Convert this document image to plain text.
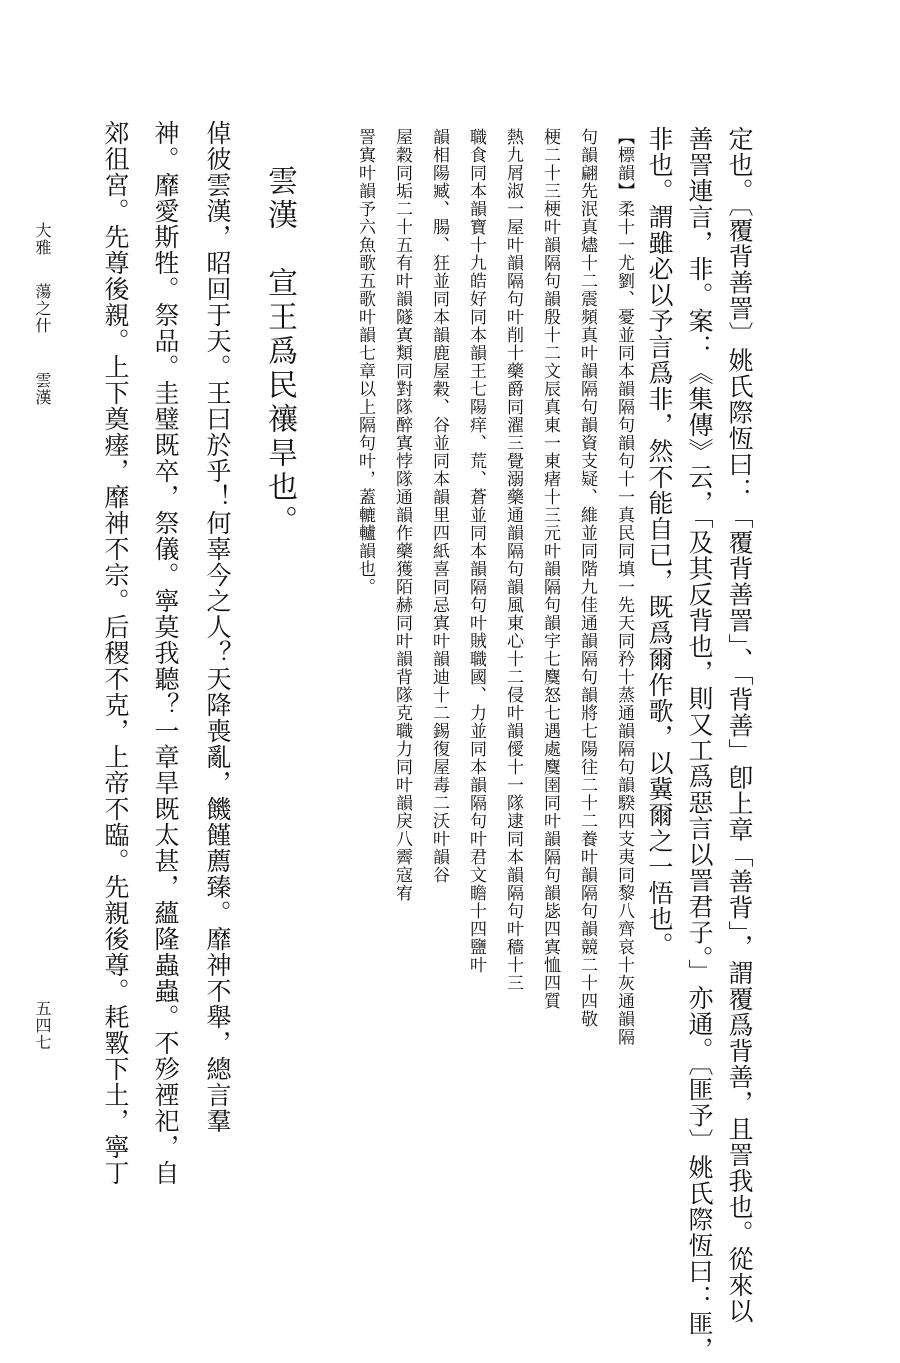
定也。〔覆背善詈〕姚氏際恆曰：「覆背善詈」、「背善」卽上章「善背」，謂覆爲背善，且詈我也。從來以
善詈連言，非。案：《集傳》云，「及其反背也，則又工爲惡言以詈君子。」亦通。〔匪予〕姚氏際恆曰：匪，
非也。謂雖必以予言爲非，然不能自已，既爲爾作歌，以冀爾之一悟也。
【標韻】柔十一尤劉、憂並同本韻隔句韻句十一真民同填一先天同矜十蒸通韻隔句韻騤四支夷同黎八齊哀十灰通韻隔
句韻翩先泯真燼十二震頻真叶韻隔句韻資支疑、維並同階九佳通韻隔句韻將七陽往二十二養叶韻隔句韻競二十四敬
梗二十三梗叶韻隔句韻殷十二文辰真東一東瘏十三元叶韻隔句韻宇七麌怒七遇處麌圉同叶韻隔句韻毖四寘恤四質
熱九屑淑一屋叶韻隔句叶削十藥爵同濯三覺溺藥通韻隔句韻風東心十二侵叶韻僾十一隊逮同本韻隔句叶穡十三
職食同本韻寶十九皓好同本韻王七陽痒、荒、蒼並同本韻隔句叶賊職國、力並同本韻隔句叶君文瞻十四鹽叶
韻相陽臧、腸、狂並同本韻鹿屋穀、谷並同本韻里四紙喜同忌寘叶韻迪十二錫復屋毒二沃叶韻谷
屋穀同垢二十五有叶韻隧寘類同對隊醉寘悖隊通韻作藥獲陌赫同叶韻背隊克職力同叶韻戾八霽寇宥
詈寘叶韻予六魚歌五歌叶韻七章以上隔句叶，蓋轆轤韻也。
雲漢　宣王爲民禳旱也。
倬彼雲漢，昭回于天。王曰於乎！何辜今之人？天降喪亂，饑饉薦臻。靡神不舉，總言羣
神。靡愛斯牲。祭品。圭璧既卒，祭儀。寧莫我聽？一章旱既太甚，蘊隆蟲蟲。不殄禋祀，自
郊徂宮。先尊後親。上下奠瘗，靡神不宗。后稷不克，上帝不臨。先親後尊。耗斁下土，寧丁
大雅
蕩之什
雲漢
五四七
